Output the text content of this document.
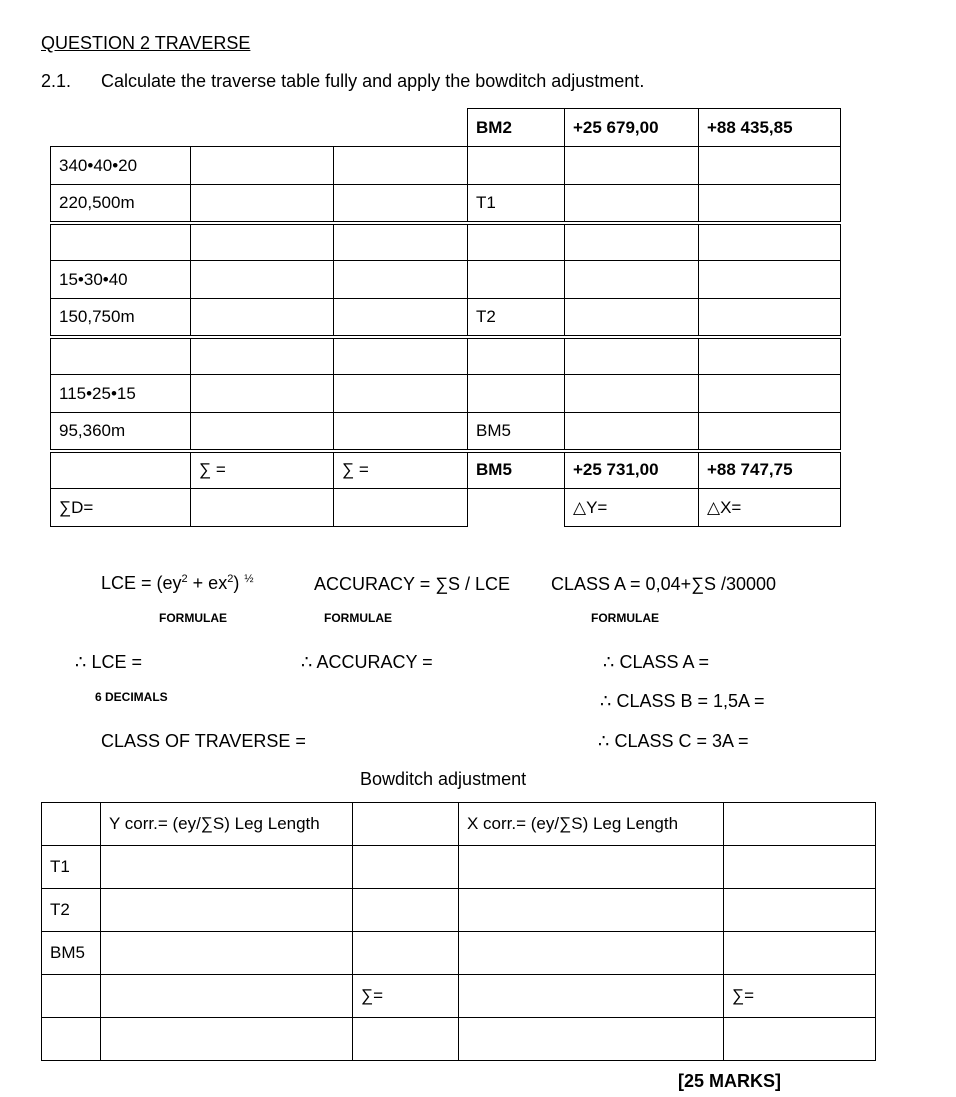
QUESTION 2 TRAVERSE
2.1. Calculate the traverse table fully and apply the bowditch adjustment.
			BM2	+25 679,00	+88 435,85
340•40•20					
220,500m			T1		

15•30•40					
150,750m			T2		

115•25•15					
95,360m			BM5		
	∑ =	∑ =	BM5	+25 731,00	+88 747,75
∑D=				△Y=	△X=
LCE = $(ey^2 + ex^2)$ $^{\frac{1}{2}}$	ACCURACY = ∑S / LCE CLASS A = 0,04+∑S /30000
FORMULAE	FORMULAE	FORMULAE
∴ LCE =	∴ ACCURACY =	∴ CLASS A =
6 DECIMALS	∴ CLASS B = 1,5A =
CLASS OF TRAVERSE =	∴ CLASS C = 3A =
Bowditch adjustment
	Y corr.= (ey/∑S) Leg Length		X corr.= (ey/∑S) Leg Length	
T1				
T2				
BM5				
		∑=		∑=

[25 MARKS]
